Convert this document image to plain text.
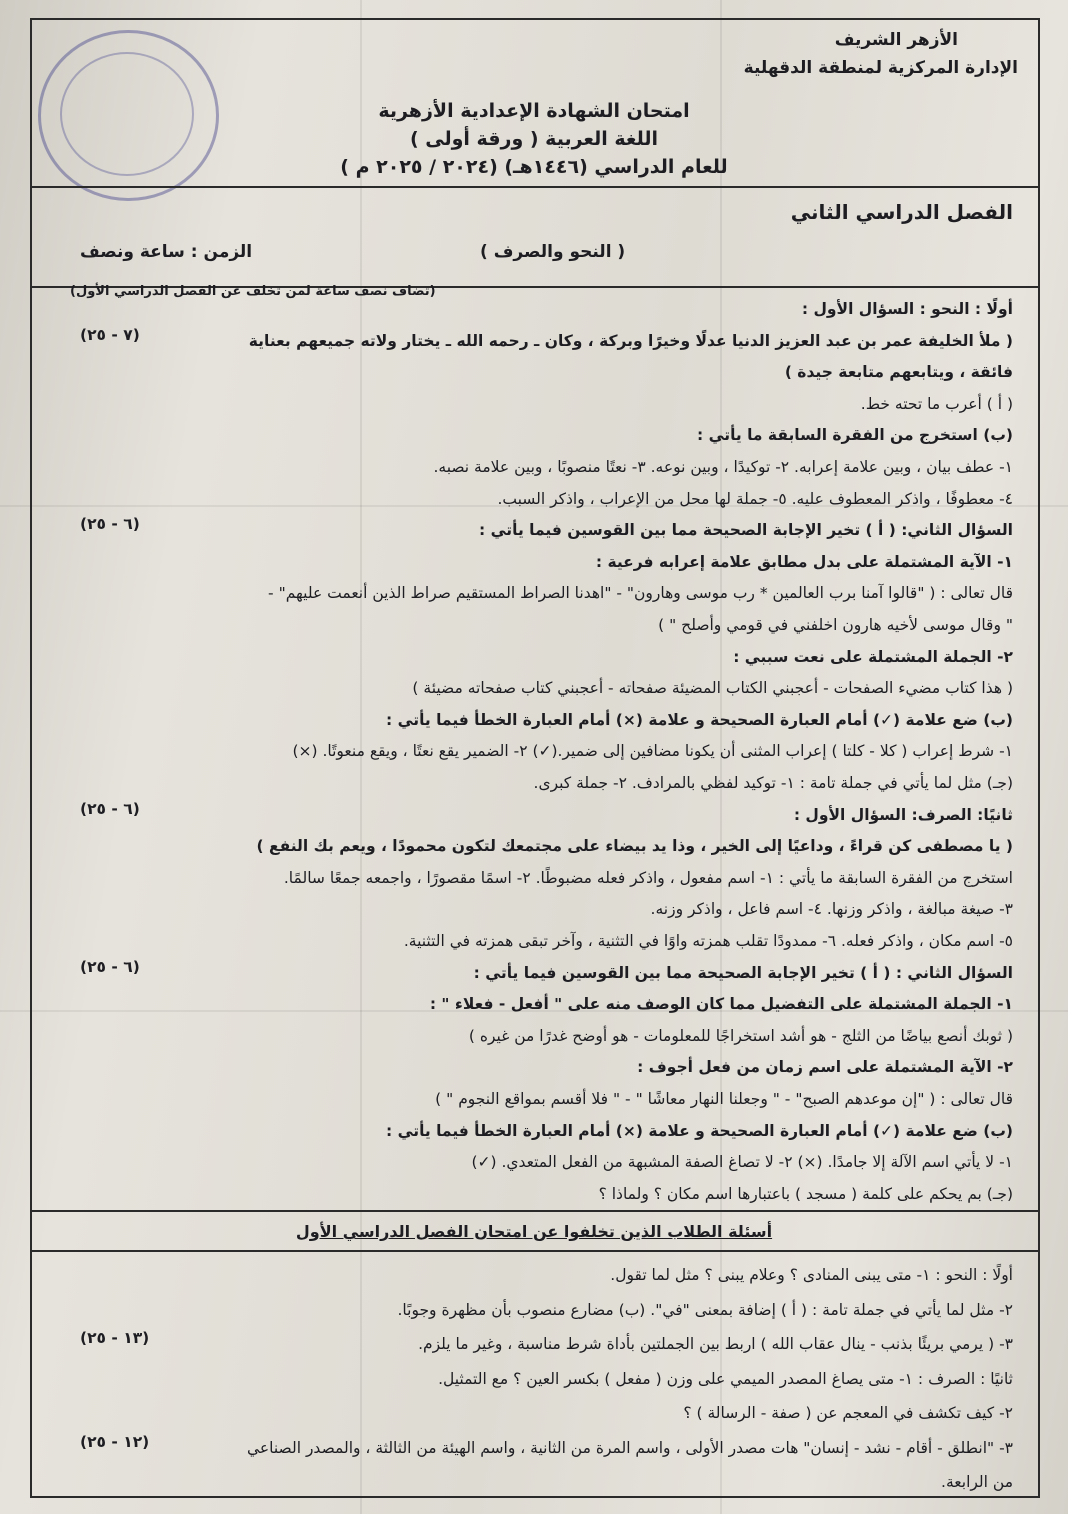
الأزهر الشريف
الإدارة المركزية لمنطقة الدقهلية
امتحان الشهادة الإعدادية الأزهرية
اللغة العربية ( ورقة أولى )
للعام الدراسي (١٤٤٦هـ) (٢٠٢٤ / ٢٠٢٥ م )
الفصل الدراسي الثاني
( النحو والصرف )
الزمن : ساعة ونصف
(تضاف نصف ساعة لمن تخلف عن الفصل الدراسي الأول)
أولًا : النحو : السؤال الأول :
( ملأ الخليفة عمر بن عبد العزيز الدنيا عدلًا وخيرًا وبركة ، وكان ـ رحمه الله ـ يختار ولاته جميعهم بعناية
(٧ - ٢٥)
فائقة ، ويتابعهم متابعة جيدة )
( أ ) أعرب ما تحته خط.
(ب) استخرج من الفقرة السابقة ما يأتي :
١- عطف بيان ، وبين علامة إعرابه. ٢- توكيدًا ، وبين نوعه. ٣- نعتًا منصوبًا ، وبين علامة نصبه.
٤- معطوفًا ، واذكر المعطوف عليه. ٥- جملة لها محل من الإعراب ، واذكر السبب.
السؤال الثاني: ( أ ) تخير الإجابة الصحيحة مما بين القوسين فيما يأتي :
(٦ - ٢٥)
١- الآية المشتملة على بدل مطابق علامة إعرابه فرعية :
قال تعالى : ( "قالوا آمنا برب العالمين * رب موسى وهارون" - "اهدنا الصراط المستقيم صراط الذين أنعمت عليهم" -
" وقال موسى لأخيه هارون اخلفني في قومي وأصلح " )
٢- الجملة المشتملة على نعت سببي :
( هذا كتاب مضيء الصفحات - أعجبني الكتاب المضيئة صفحاته - أعجبني كتاب صفحاته مضيئة )
(ب) ضع علامة (✓) أمام العبارة الصحيحة و علامة (×) أمام العبارة الخطأ فيما يأتي :
١- شرط إعراب ( كلا - كلتا ) إعراب المثنى أن يكونا مضافين إلى ضمير.(✓) ٢- الضمير يقع نعتًا ، ويقع منعوتًا. (×)
(جـ) مثل لما يأتي في جملة تامة : ١- توكيد لفظي بالمرادف. ٢- جملة كبرى.
ثانيًا: الصرف: السؤال الأول :
(٦ - ٢٥)
( يا مصطفى كن قراءً ، وداعيًا إلى الخير ، وذا يد بيضاء على مجتمعك لتكون محمودًا ، ويعم بك النفع )
استخرج من الفقرة السابقة ما يأتي : ١- اسم مفعول ، واذكر فعله مضبوطًا. ٢- اسمًا مقصورًا ، واجمعه جمعًا سالمًا.
٣- صيغة مبالغة ، واذكر وزنها. ٤- اسم فاعل ، واذكر وزنه.
٥- اسم مكان ، واذكر فعله. ٦- ممدودًا تقلب همزته واوًا في التثنية ، وآخر تبقى همزته في التثنية.
السؤال الثاني : ( أ ) تخير الإجابة الصحيحة مما بين القوسين فيما يأتي :
(٦ - ٢٥)
١- الجملة المشتملة على التفضيل مما كان الوصف منه على " أفعل - فعلاء " :
( ثوبك أنصع بياضًا من الثلج - هو أشد استخراجًا للمعلومات - هو أوضح غدرًا من غيره )
٢- الآية المشتملة على اسم زمان من فعل أجوف :
قال تعالى : ( "إن موعدهم الصبح" - " وجعلنا النهار معاشًا " - " فلا أقسم بمواقع النجوم " )
(ب) ضع علامة (✓) أمام العبارة الصحيحة و علامة (×) أمام العبارة الخطأ فيما يأتي :
١- لا يأتي اسم الآلة إلا جامدًا. (×) ٢- لا تصاغ الصفة المشبهة من الفعل المتعدي. (✓)
(جـ) بم يحكم على كلمة ( مسجد ) باعتبارها اسم مكان ؟ ولماذا ؟
أسئلة الطلاب الذين تخلفوا عن امتحان الفصل الدراسي الأول
أولًا : النحو : ١- متى يبنى المنادى ؟ وعلام يبنى ؟ مثل لما تقول.
٢- مثل لما يأتي في جملة تامة : ( أ ) إضافة بمعنى "في". (ب) مضارع منصوب بأن مظهرة وجوبًا.
٣- ( يرمي بريئًا بذنب - ينال عقاب الله ) اربط بين الجملتين بأداة شرط مناسبة ، وغير ما يلزم.
(١٣ - ٢٥)
ثانيًا : الصرف : ١- متى يصاغ المصدر الميمي على وزن ( مفعل ) بكسر العين ؟ مع التمثيل.
٢- كيف تكشف في المعجم عن ( صفة - الرسالة ) ؟
٣- "انطلق - أقام - نشد - إنسان" هات مصدر الأولى ، واسم المرة من الثانية ، واسم الهيئة من الثالثة ، والمصدر الصناعي
(١٢ - ٢٥)
من الرابعة.
